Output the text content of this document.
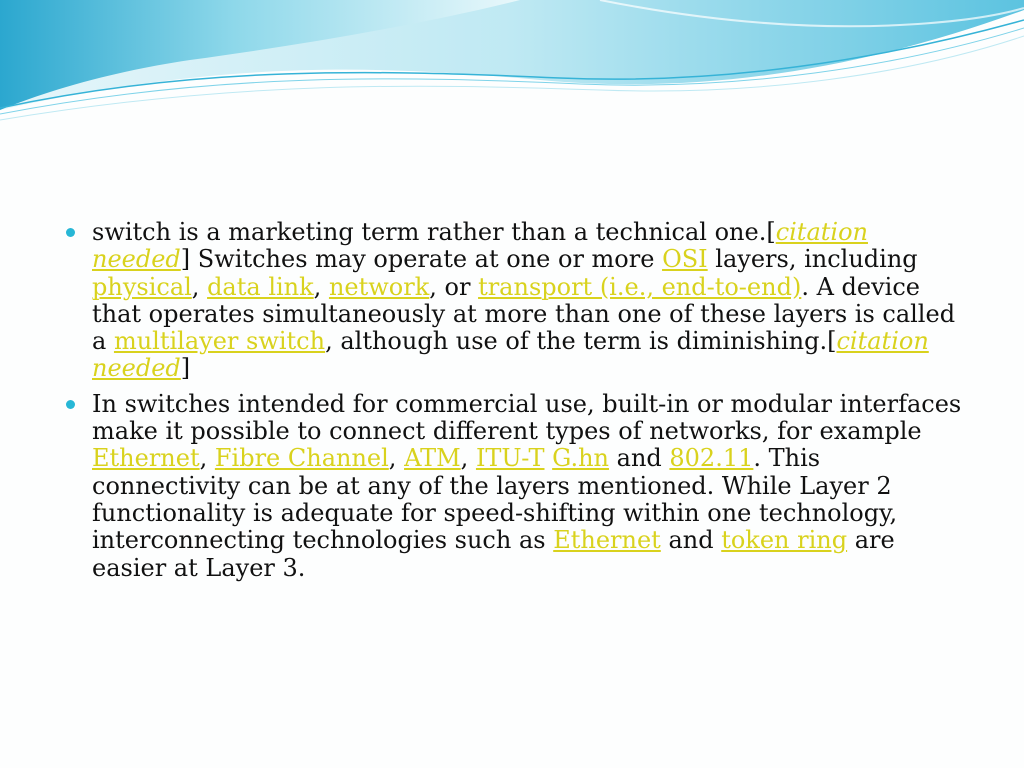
switch is a marketing term rather than a technical one.[citation needed] Switches may operate at one or more OSI layers, including physical, data link, network, or transport (i.e., end-to-end). A device that operates simultaneously at more than one of these layers is called a multilayer switch, although use of the term is diminishing.[citation needed]
In switches intended for commercial use, built-in or modular interfaces make it possible to connect different types of networks, for example Ethernet, Fibre Channel, ATM, ITU-T G.hn and 802.11. This connectivity can be at any of the layers mentioned. While Layer 2 functionality is adequate for speed-shifting within one technology, interconnecting technologies such as Ethernet and token ring are easier at Layer 3.
